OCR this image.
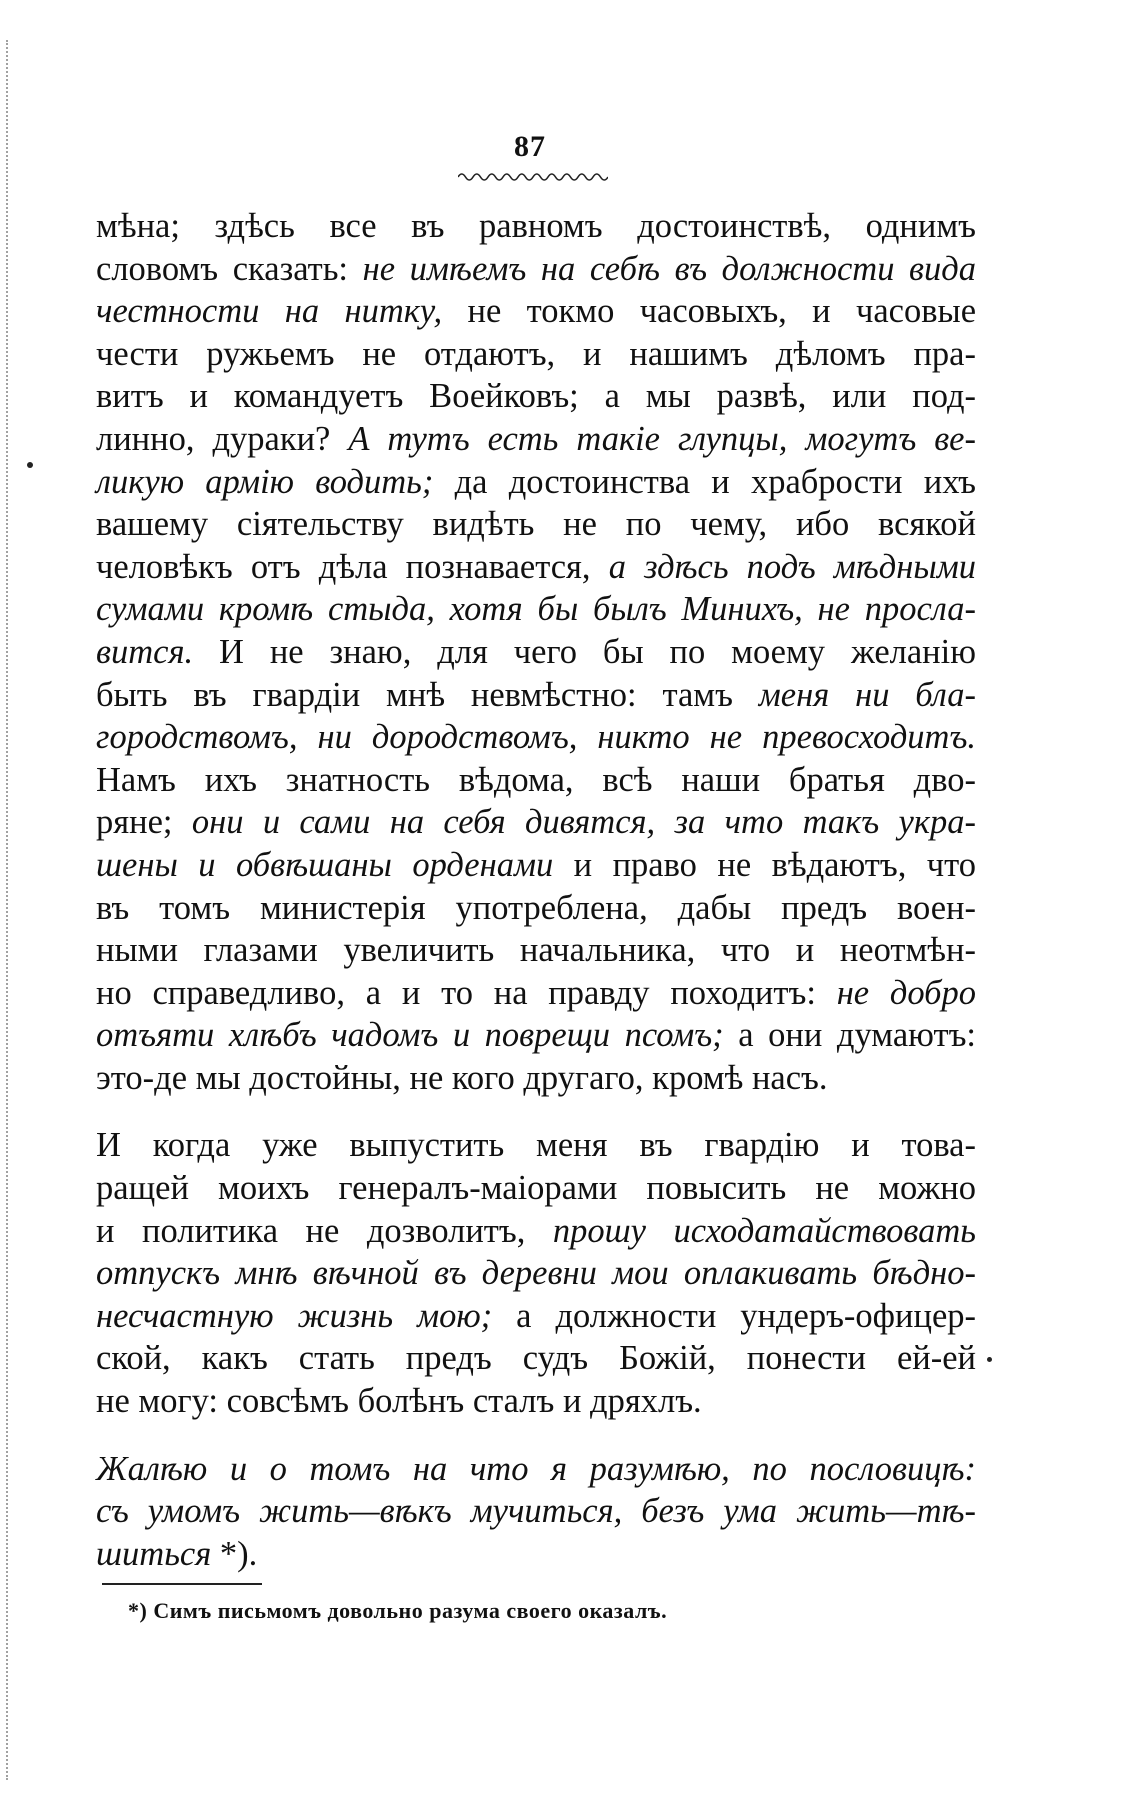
87
мѣна; здѣсь все въ равномъ достоинствѣ, однимъ
словомъ сказать: не имѣемъ на себѣ въ должности вида
честности на нитку, не токмо часовыхъ, и часовые
чести ружьемъ не отдаютъ, и нашимъ дѣломъ пра-
витъ и командуетъ Воейковъ; а мы развѣ, или под-
линно, дураки? А тутъ есть такіе глупцы, могутъ ве-
ликую армію водить; да достоинства и храбрости ихъ
вашему сіятельству видѣть не по чему, ибо всякой
человѣкъ отъ дѣла познавается, а здѣсь подъ мѣдными
сумами кромѣ стыда, хотя бы былъ Минихъ, не просла-
вится. И не знаю, для чего бы по моему желанію
быть въ гвардіи мнѣ невмѣстно: тамъ меня ни бла-
городствомъ, ни дородствомъ, никто не превосходитъ.
Намъ ихъ знатность вѣдома, всѣ наши братья дво-
ряне; они и сами на себя дивятся, за что такъ укра-
шены и обвѣшаны орденами и право не вѣдаютъ, что
въ томъ министерія употреблена, дабы предъ воен-
ными глазами увеличить начальника, что и неотмѣн-
но справедливо, а и то на правду походитъ: не добро
отъяти хлѣбъ чадомъ и поврещи псомъ; а они думаютъ:
это-де мы достойны, не кого другаго, кромѣ насъ.
И когда уже выпустить меня въ гвардію и това-
ращей моихъ генералъ-маіорами повысить не можно
и политика не дозволитъ, прошу исходатайствовать
отпускъ мнѣ вѣчной въ деревни мои оплакивать бѣдно-
несчастную жизнь мою; а должности ундеръ-офицер-
ской, какъ стать предъ судъ Божій, понести ей-ей
не могу: совсѣмъ болѣнъ сталъ и дряхлъ.
Жалѣю и о томъ на что я разумѣю, по пословицѣ:
съ умомъ жить—вѣкъ мучиться, безъ ума жить—тѣ-
шиться *).
*) Симъ письмомъ довольно разума своего оказалъ.
